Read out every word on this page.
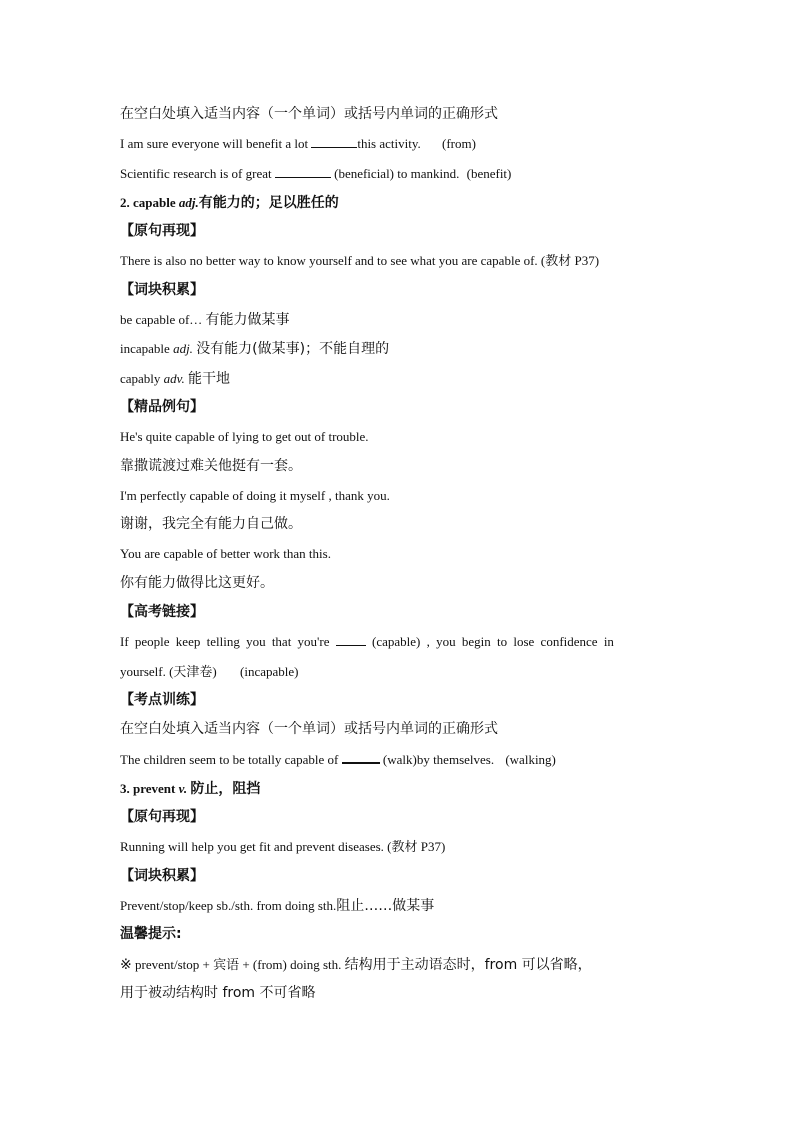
在空白处填入适当内容（一个单词）或括号内单词的正确形式
I am sure everyone will benefit a lot	this activity. (from)
Scientific research is of great	(beneficial) to mankind. (benefit)
2. capable adj.有能力的；足以胜任的
【原句再现】
There is also no better way to know yourself and to see what you are capable of. (教材 P37)
【词块积累】
be capable of… 有能力做某事
incapable adj. 没有能力(做某事)；不能自理的
capably adv. 能干地
【精品例句】
He's quite capable of lying to get out of trouble.
靠撒谎渡过难关他挺有一套。
I'm perfectly capable of doing it myself , thank you.
谢谢，我完全有能力自己做。
You are capable of better work than this.
你有能力做得比这更好。
【高考链接】
If people keep telling you that you're	(capable) , you begin to lose confidence in
yourself. (天津卷) (incapable)
【考点训练】
在空白处填入适当内容（一个单词）或括号内单词的正确形式
The children seem to be totally capable of	(walk)by themselves. (walking)
3. prevent v. 防止，阻挡
【原句再现】
Running will help you get fit and prevent diseases. (教材 P37)
【词块积累】
Prevent/stop/keep sb./sth. from doing sth.阻止……做某事
温馨提示:
※ prevent/stop + 宾语 + (from) doing sth. 结构用于主动语态时，from 可以省略，
用于被动结构时 from 不可省略
